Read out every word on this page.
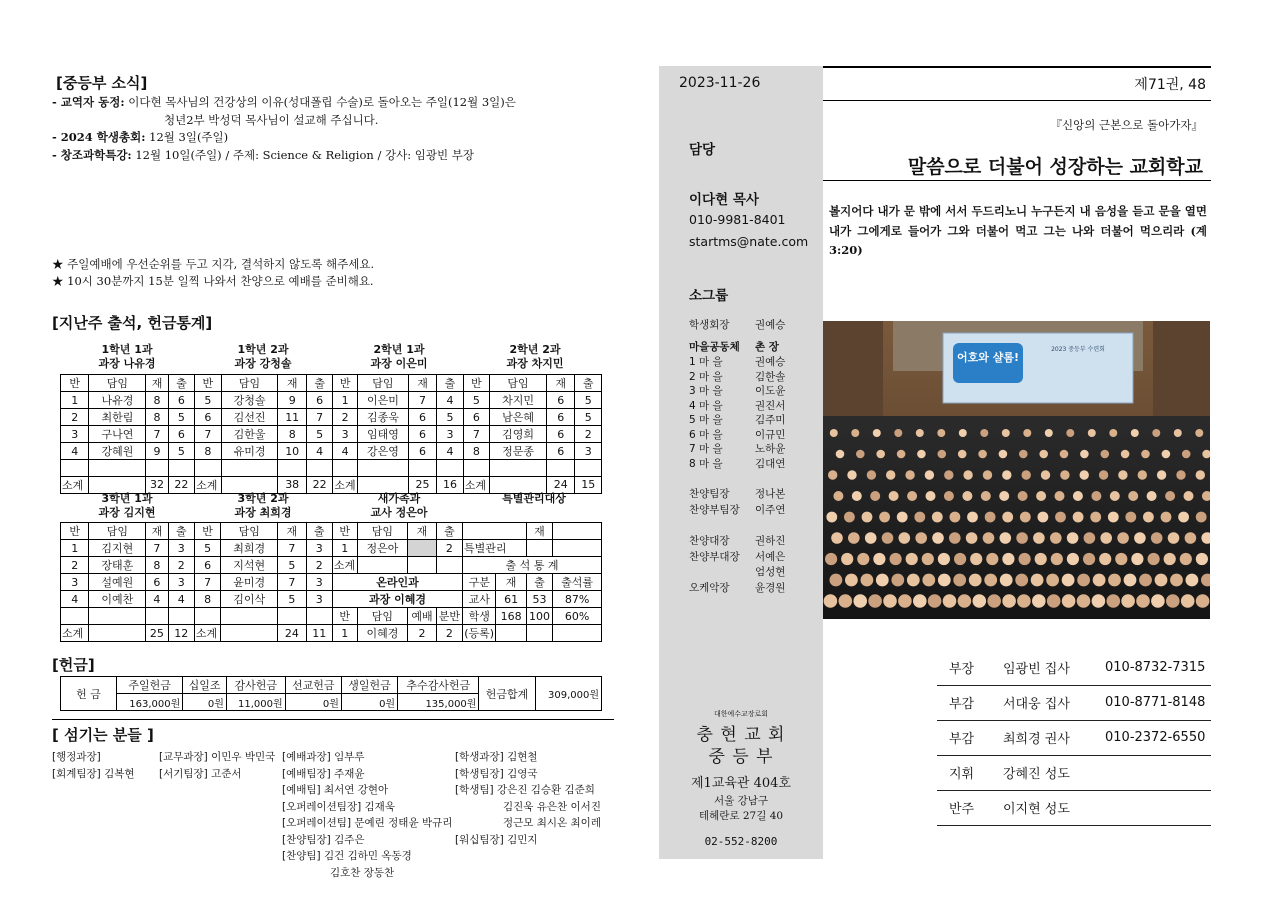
[중등부 소식]
- 교역자 동정: 이다현 목사님의 건강상의 이유(성대폴립 수술)로 돌아오는 주일(12월 3일)은
청년2부 박성덕 목사님이 설교해 주십니다.
- 2024 학생총회: 12월 3일(주일)
- 창조과학특강: 12월 10일(주일) / 주제: Science & Religion / 강사: 임광빈 부장
★ 주일예배에 우선순위를 두고 지각, 결석하지 않도록 해주세요.
★ 10시 30분까지 15분 일찍 나와서 찬양으로 예배를 준비해요.
[지난주 출석, 헌금통계]
1학년 1과
과장 나유경
1학년 2과
과장 강청솔
2학년 1과
과장 이은미
2학년 2과
과장 차지민
반	담임	재	출	반	담임	재	출	반	담임	재	출	반	담임	재	출
1	나유경	8	6	5	강청솔	9	6	1	이은미	7	4	5	차지민	6	5
2	최한림	8	5	6	김선진	11	7	2	김종욱	6	5	6	남은혜	6	5
3	구나연	7	6	7	김한울	8	5	3	임태영	6	3	7	김영희	6	2
4	강혜원	9	5	8	유미경	10	4	4	강은영	6	4	8	정문종	6	3

소계		32	22	소계		38	22	소계		25	16	소계		24	15
3학년 1과
과장 김지현
3학년 2과
과장 최희경
새가족과
교사 정은아
특별관리대상
반	담임	재	출	반	담임	재	출	반	담임	재	출			재	
1	김지현	7	3	5	최희경	7	3	1	정은아		2	특별관리			
2	장태훈	8	2	6	지석현	5	2	소계				출 석 통 계			
3	설예원	6	3	7	윤미경	7	3	온라인과				구분	재	출	출석률
4	이예찬	4	4	8	김이삭	5	3	과장 이혜경				교사	61	53	87%
								반	담임	예배	분반	학생	168	100	60%
소계		25	12	소계		24	11	1	이혜경	2	2	(등록)			
[헌금]
헌 금	주일헌금	십일조	감사헌금	선교헌금	생일헌금	추수감사헌금	헌금합계	309,000원
	163,000원	0원	11,000원	0원	0원	135,000원		
[ 섬기는 분들 ]
[행정과장]
[회계팀장] 김복현
[교무과장] 이민우 박민국
[서기팀장] 고준서
[예배과장] 임부루
[예배팀장] 주재윤
[예배팀] 최서연 강현아
[오퍼레이션팀장] 김재욱
[오퍼레이션팀] 문예린 정태윤 박규리
[찬양팀장] 김주은
[찬양팀] 김건 김하민 옥동경
김호찬 장동찬
[학생과장] 김현철
[학생팀장] 김영국
[학생팀] 강은진 김승환 김준희
김진욱 유은찬 이서진
정근모 최시온 최이레
[워십팀장] 김민지
2023-11-26
담당
이다현 목사
010-9981-8401
startms@nate.com
소그룹
학생회장 권예승
마을공동체 촌 장
1 마 을	권예승
2 마 을	김한솔
3 마 을	이도윤
4 마 을	권진서
5 마 을	김주미
6 마 을	이규민
7 마 을	노하윤
8 마 을	김대연
찬양팀장 정나본
찬양부팀장 이주연
찬양대장 권하진
찬양부대장 서예은
엄성현
오케악장 윤경원
대한예수교장로회
충 현 교 회
중 등 부
제1교육관 404호
서울 강남구
테헤란로 27길 40
02-552-8200
제71권, 48
『신앙의 근본으로 돌아가자』
말씀으로 더불어 성장하는 교회학교
볼지어다 내가 문 밖에 서서 두드리노니 누구든지 내 음성을 듣고 문을 열면 내가 그에게로 들어가 그와 더불어 먹고 그는 나와 더불어 먹으리라 (계 3:20)
어호와 샬롬!
2023 중등부 수련회
부장	임광빈 집사	010-8732-7315
부감	서대웅 집사	010-8771-8148
부감	최희경 권사	010-2372-6550
지휘	강혜진 성도	
반주	이지현 성도	
